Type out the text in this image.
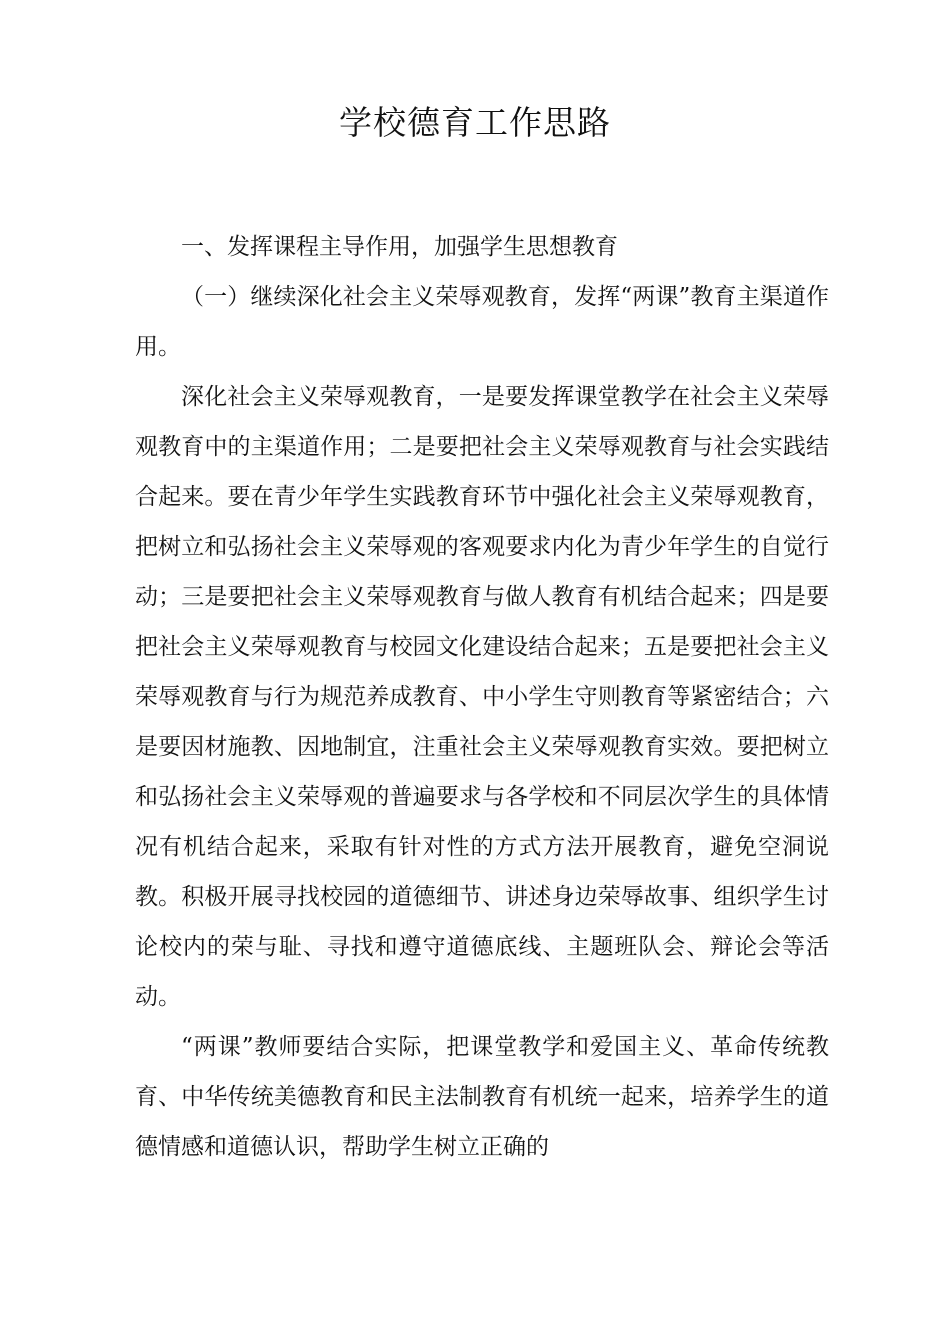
学校德育工作思路

一、发挥课程主导作用，加强学生思想教育

（一）继续深化社会主义荣辱观教育，发挥“两课”教育主渠道作用。

深化社会主义荣辱观教育，一是要发挥课堂教学在社会主义荣辱观教育中的主渠道作用；二是要把社会主义荣辱观教育与社会实践结合起来。要在青少年学生实践教育环节中强化社会主义荣辱观教育，把树立和弘扬社会主义荣辱观的客观要求内化为青少年学生的自觉行动；三是要把社会主义荣辱观教育与做人教育有机结合起来；四是要把社会主义荣辱观教育与校园文化建设结合起来；五是要把社会主义荣辱观教育与行为规范养成教育、中小学生守则教育等紧密结合；六是要因材施教、因地制宜，注重社会主义荣辱观教育实效。要把树立和弘扬社会主义荣辱观的普遍要求与各学校和不同层次学生的具体情况有机结合起来，采取有针对性的方式方法开展教育，避免空洞说教。积极开展寻找校园的道德细节、讲述身边荣辱故事、组织学生讨论校内的荣与耻、寻找和遵守道德底线、主题班队会、辩论会等活动。

“两课”教师要结合实际，把课堂教学和爱国主义、革命传统教育、中华传统美德教育和民主法制教育有机统一起来，培养学生的道德情感和道德认识，帮助学生树立正确的
